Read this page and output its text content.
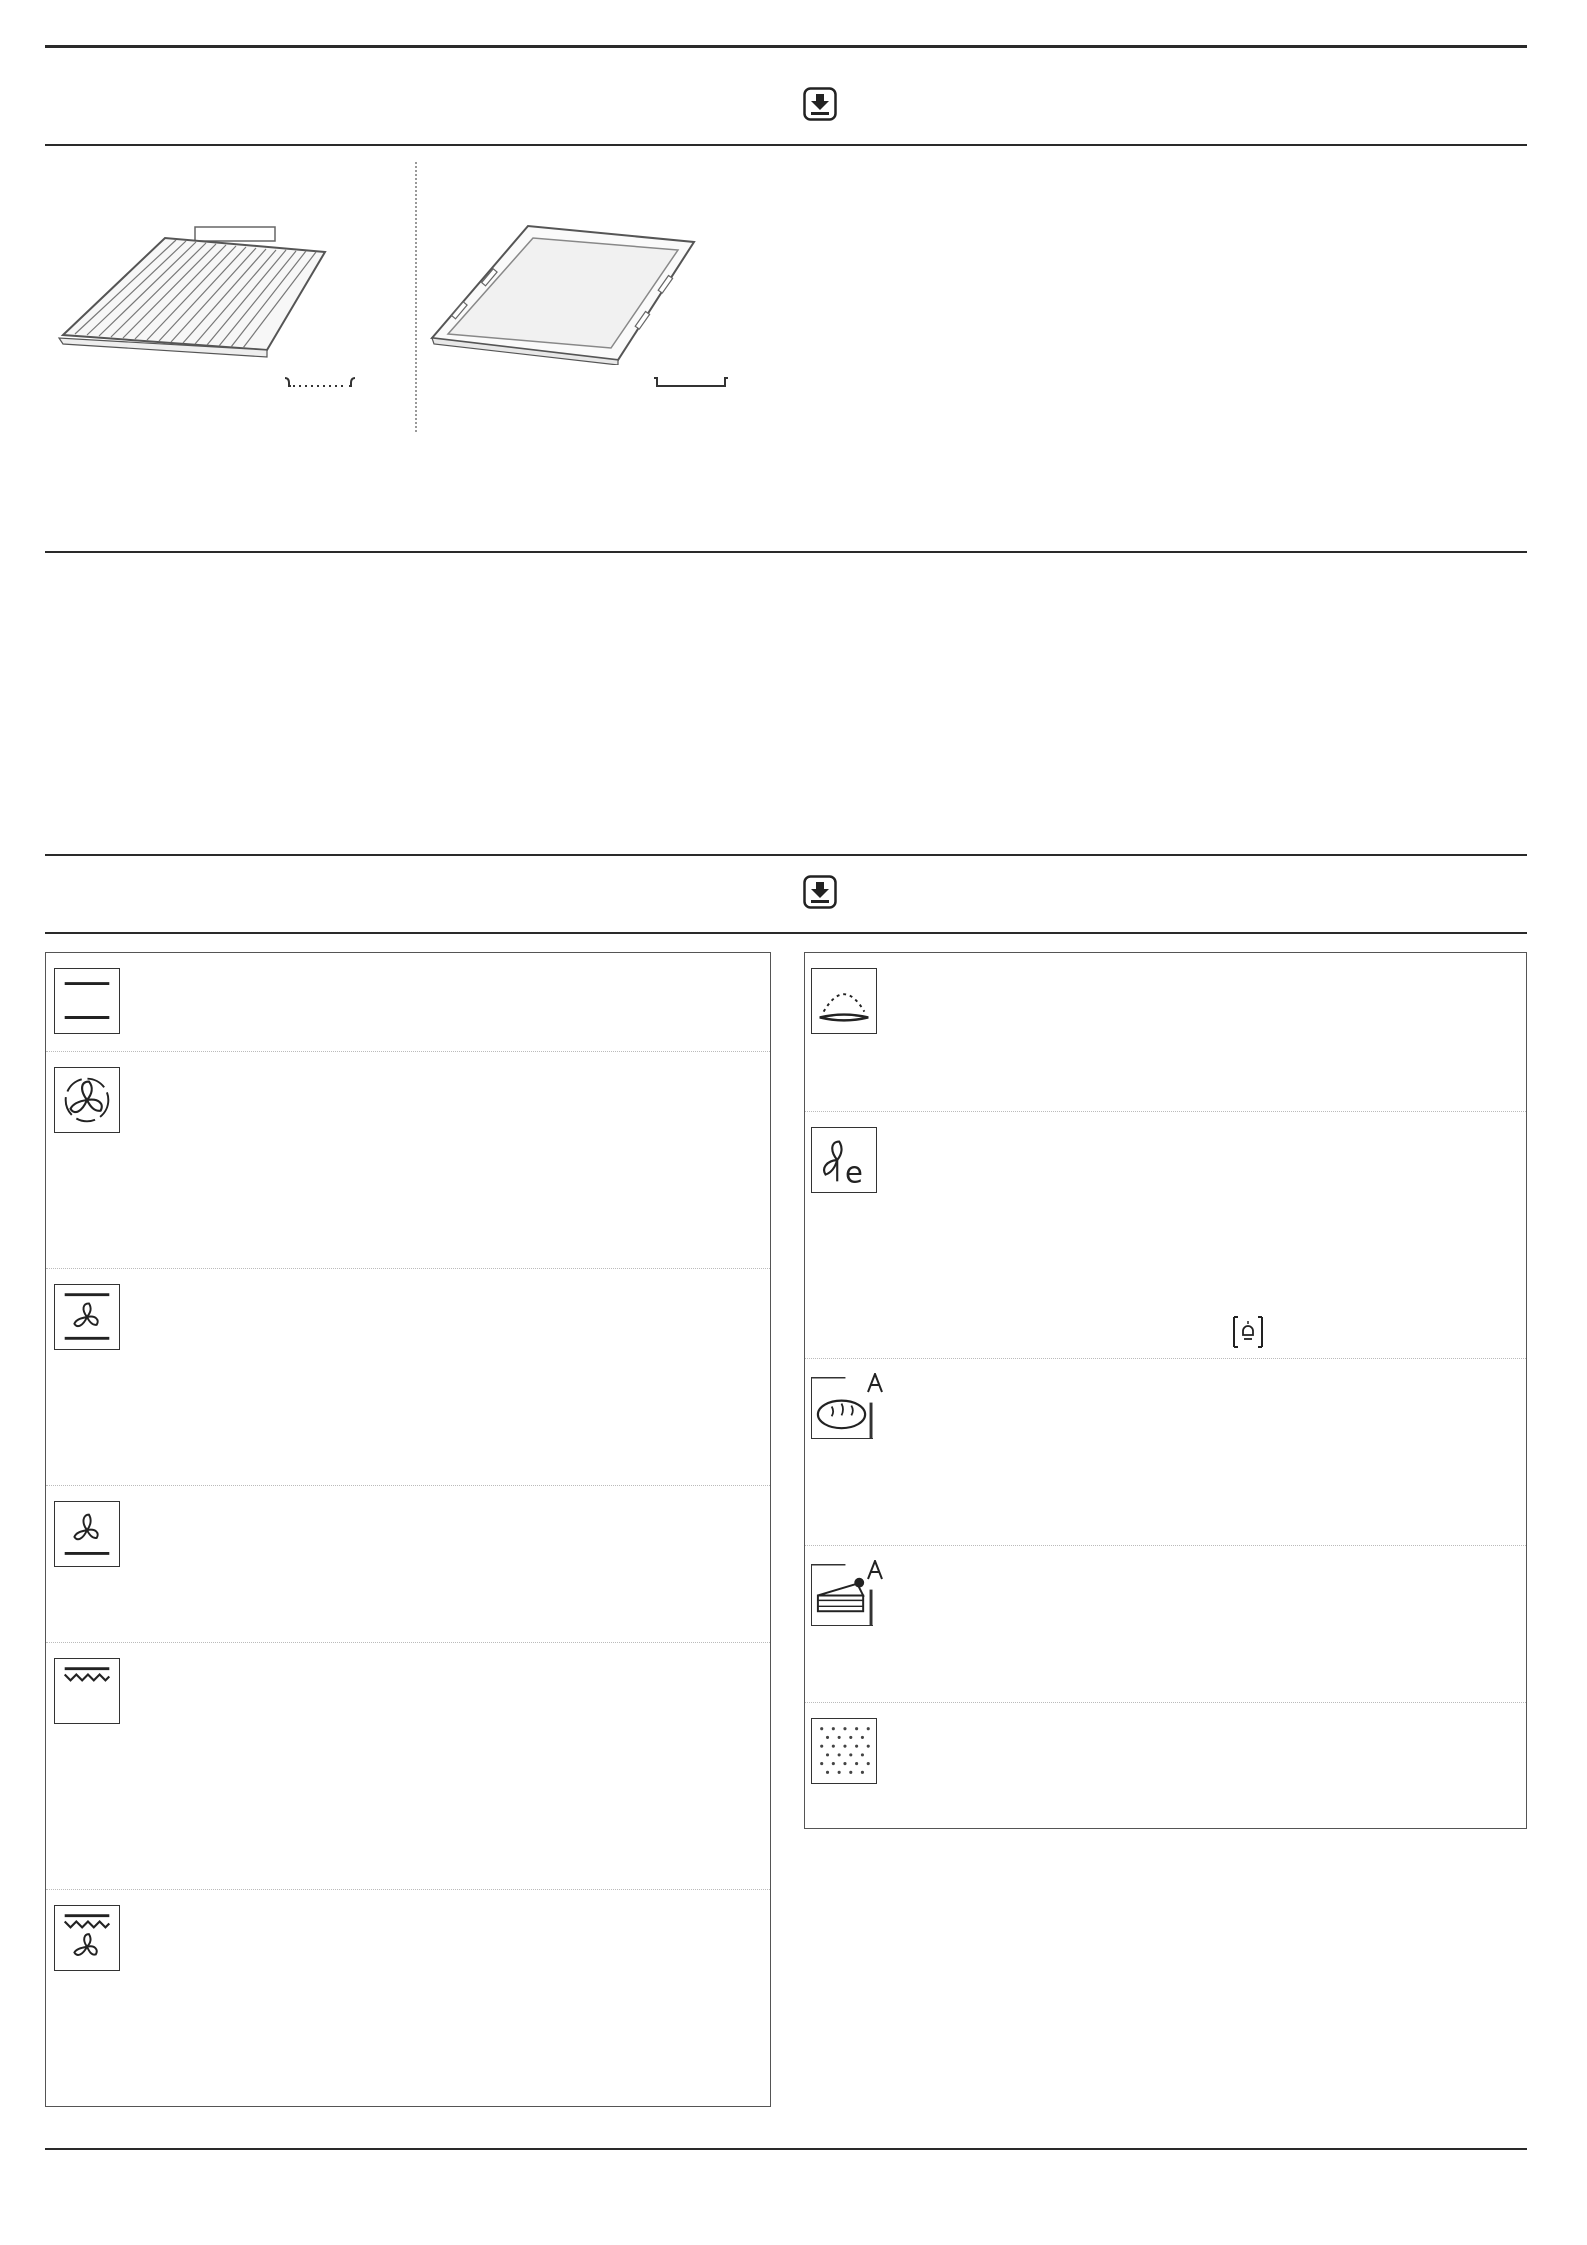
e
